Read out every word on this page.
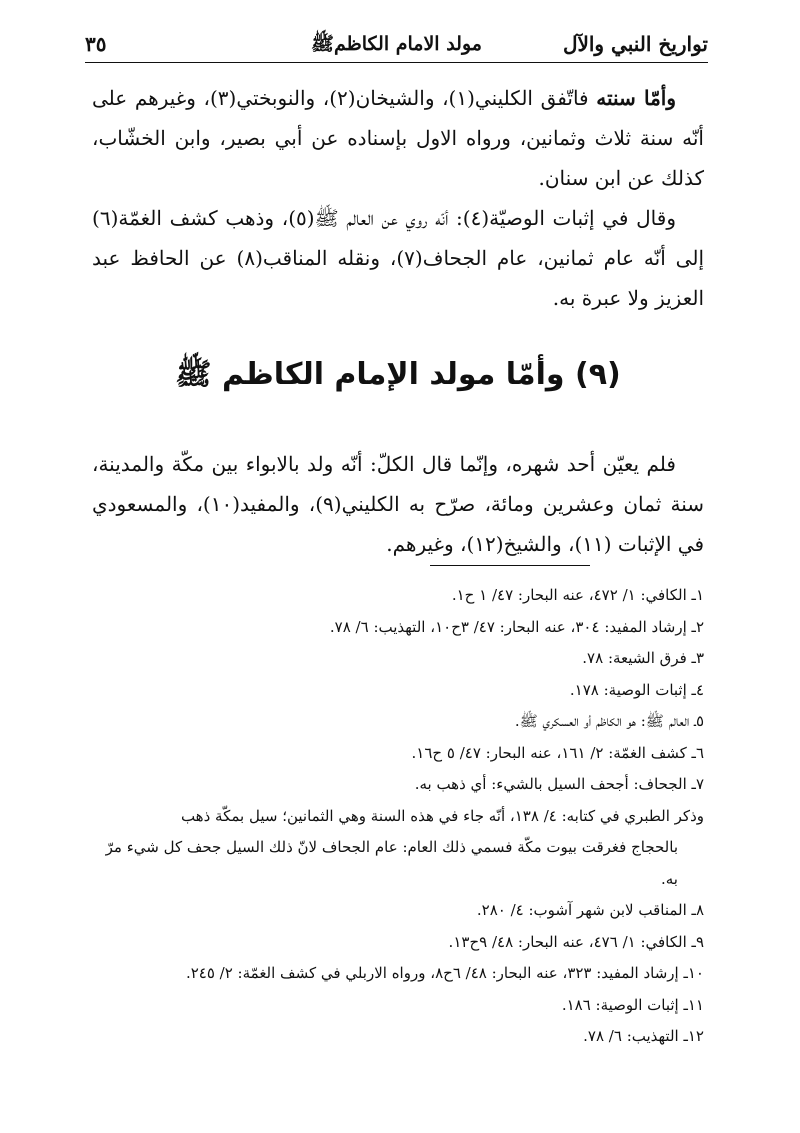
تواريخ النبي والآل
مولد الامام الكاظمﷺ
٣٥

وأمّا سنته فاتّفق الكليني(١)، والشيخان(٢)، والنوبختي(٣)، وغيرهم على أنّه سنة ثلاث وثمانين، ورواه الاول بإسناده عن أبي بصير، وابن الخشّاب، كذلك عن ابن سنان.

وقال في إثبات الوصيّة(٤): أنّه روي عن العالم ﷺ(٥)، وذهب كشف الغمّة(٦) إلى أنّه عام ثمانين، عام الجحاف(٧)، ونقله المناقب(٨) عن الحافظ عبد العزيز ولا عبرة به.

(٩) وأمّا مولد الإمام الكاظم ﷺ

فلم يعيّن أحد شهره، وإنّما قال الكلّ: أنّه ولد بالابواء بين مكّة والمدينة، سنة ثمان وعشرين ومائة، صرّح به الكليني(٩)، والمفيد(١٠)، والمسعودي في الإثبات (١١)، والشيخ(١٢)، وغيرهم.

١ـ الكافي: ١/ ٤٧٢، عنه البحار: ٤٧/ ١ ح١.
٢ـ إرشاد المفيد: ٣٠٤، عنه البحار: ٤٧/ ٣ح١٠، التهذيب: ٦/ ٧٨.
٣ـ فرق الشيعة: ٧٨.
٤ـ إثبات الوصية: ١٧٨.
٥ـ العالم ﷺ: هو الكاظم أو العسكري ﷺ.
٦ـ كشف الغمّة: ٢/ ١٦١، عنه البحار: ٤٧/ ٥ ح١٦.
٧ـ الجحاف: أجحف السيل بالشيء: أي ذهب به.
وذكر الطبري في كتابه: ٤/ ١٣٨، أنّه جاء في هذه السنة وهي الثمانين؛ سيل بمكّة ذهب
بالحجاج فغرقت بيوت مكّة فسمي ذلك العام: عام الجحاف لانّ ذلك السيل جحف كل شيء مرّ به.
٨ـ المناقب لابن شهر آشوب: ٤/ ٢٨٠.
٩ـ الكافي: ١/ ٤٧٦، عنه البحار: ٤٨/ ٩ح١٣.
١٠ـ إرشاد المفيد: ٣٢٣، عنه البحار: ٤٨/ ٦ح٨، ورواه الاربلي في كشف الغمّة: ٢/ ٢٤٥.
١١ـ إثبات الوصية: ١٨٦.
١٢ـ التهذيب: ٦/ ٧٨.
